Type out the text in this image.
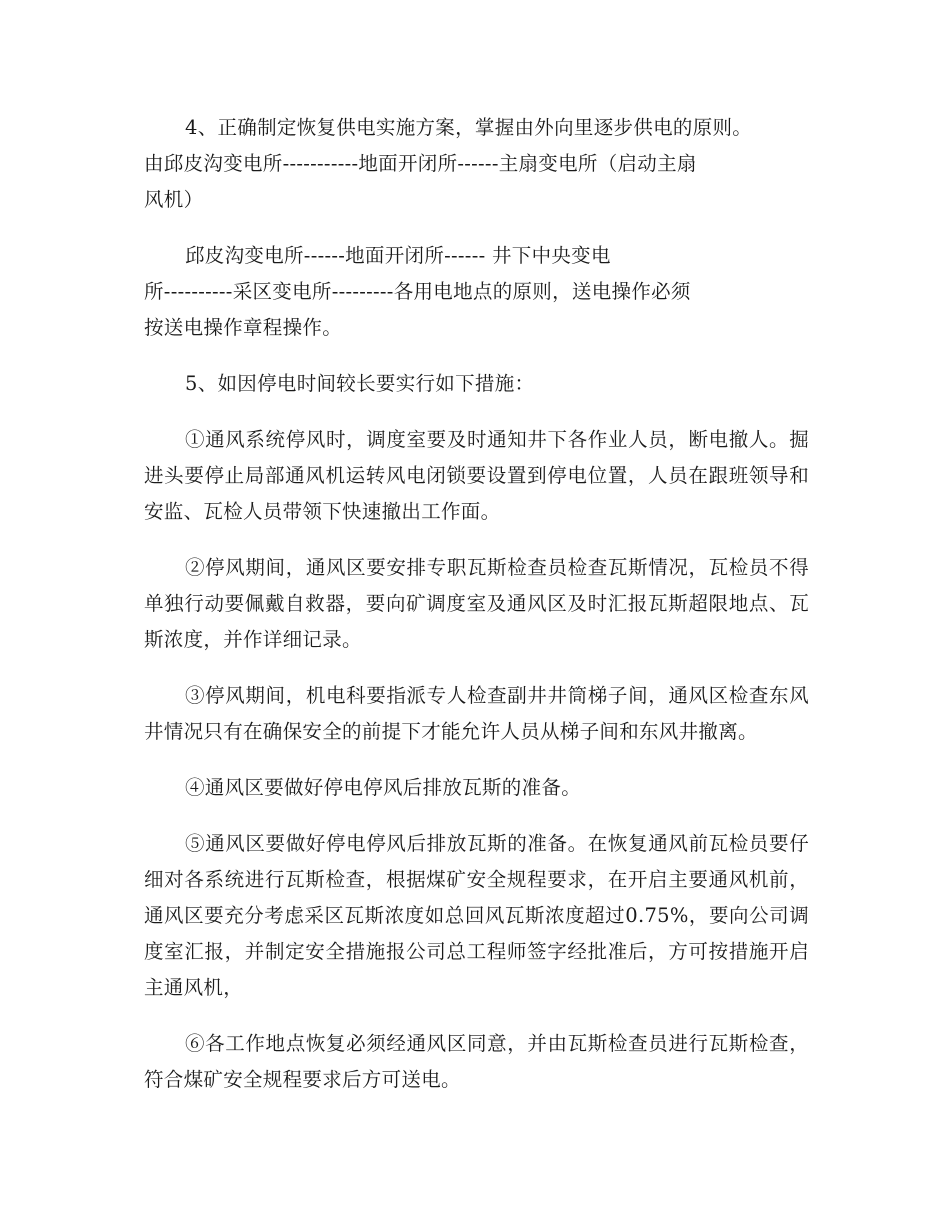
4、正确制定恢复供电实施方案，掌握由外向里逐步供电的原则。
由邱皮沟变电所-----------地面开闭所------主扇变电所（启动主扇
风机）

邱皮沟变电所------地面开闭所------ 井下中央变电
所----------采区变电所---------各用电地点的原则，送电操作必须
按送电操作章程操作。

5、如因停电时间较长要实行如下措施：

①通风系统停风时，调度室要及时通知井下各作业人员，断电撤人。掘进头要停止局部通风机运转风电闭锁要设置到停电位置，人员在跟班领导和安监、瓦检人员带领下快速撤出工作面。

②停风期间，通风区要安排专职瓦斯检查员检查瓦斯情况，瓦检员不得单独行动要佩戴自救器，要向矿调度室及通风区及时汇报瓦斯超限地点、瓦斯浓度，并作详细记录。

③停风期间，机电科要指派专人检查副井井筒梯子间，通风区检查东风井情况只有在确保安全的前提下才能允许人员从梯子间和东风井撤离。

④通风区要做好停电停风后排放瓦斯的准备。

⑤通风区要做好停电停风后排放瓦斯的准备。在恢复通风前瓦检员要仔细对各系统进行瓦斯检查，根据煤矿安全规程要求，在开启主要通风机前，通风区要充分考虑采区瓦斯浓度如总回风瓦斯浓度超过0.75%，要向公司调度室汇报，并制定安全措施报公司总工程师签字经批准后，方可按措施开启主通风机，

⑥各工作地点恢复必须经通风区同意，并由瓦斯检查员进行瓦斯检查，符合煤矿安全规程要求后方可送电。
